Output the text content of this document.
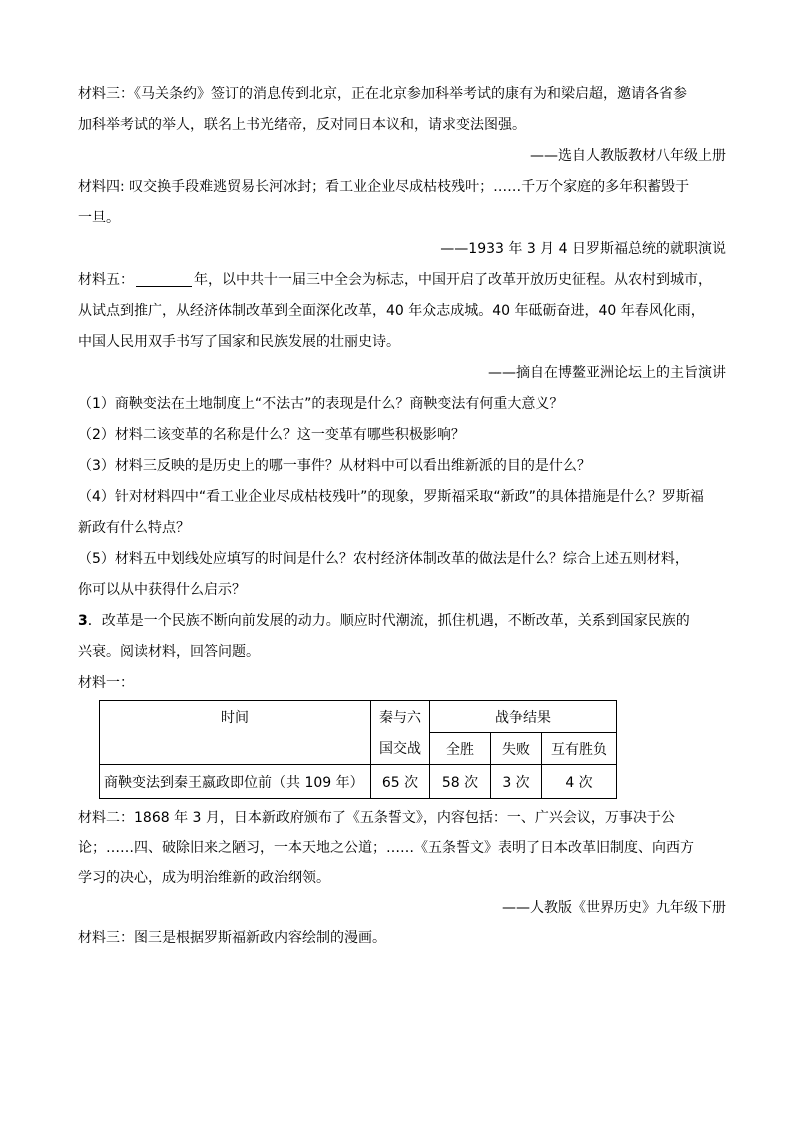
材料三：《马关条约》签订的消息传到北京，正在北京参加科举考试的康有为和梁启超，邀请各省参

加科举考试的举人，联名上书光绪帝，反对同日本议和，请求变法图强。

——选自人教版教材八年级上册

材料四: 叹交换手段难逃贸易长河冰封；看工业企业尽成枯枝残叶；……千万个家庭的多年积蓄毁于

一旦。

——1933 年 3 月 4 日罗斯福总统的就职演说

材料五：	年，以中共十一届三中全会为标志，中国开启了改革开放历史征程。从农村到城市，

从试点到推广，从经济体制改革到全面深化改革，40 年众志成城。40 年砥砺奋进，40 年春风化雨，

中国人民用双手书写了国家和民族发展的壮丽史诗。

——摘自在博鳌亚洲论坛上的主旨演讲

（1）商鞅变法在土地制度上“不法古”的表现是什么？商鞅变法有何重大意义？

（2）材料二该变革的名称是什么？这一变革有哪些积极影响？

（3）材料三反映的是历史上的哪一事件？从材料中可以看出维新派的目的是什么？

（4）针对材料四中“看工业企业尽成枯枝残叶”的现象，罗斯福采取“新政”的具体措施是什么？罗斯福

新政有什么特点？

（5）材料五中划线处应填写的时间是什么？农村经济体制改革的做法是什么？综合上述五则材料，

你可以从中获得什么启示？

3．改革是一个民族不断向前发展的动力。顺应时代潮流，抓住机遇，不断改革，关系到国家民族的

兴衰。阅读材料，回答问题。

材料一：

时间	秦与六	战争结果		
	国交战	全胜	失败	互有胜负
商鞅变法到秦王嬴政即位前（共 109 年）	65 次	58 次	3 次	4 次

材料二：1868 年 3 月，日本新政府颁布了《五条誓文》，内容包括：一、广兴会议，万事决于公

论；……四、破除旧来之陋习，一本天地之公道；……《五条誓文》表明了日本改革旧制度、向西方

学习的决心，成为明治维新的政治纲领。

——人教版《世界历史》九年级下册

材料三：图三是根据罗斯福新政内容绘制的漫画。
